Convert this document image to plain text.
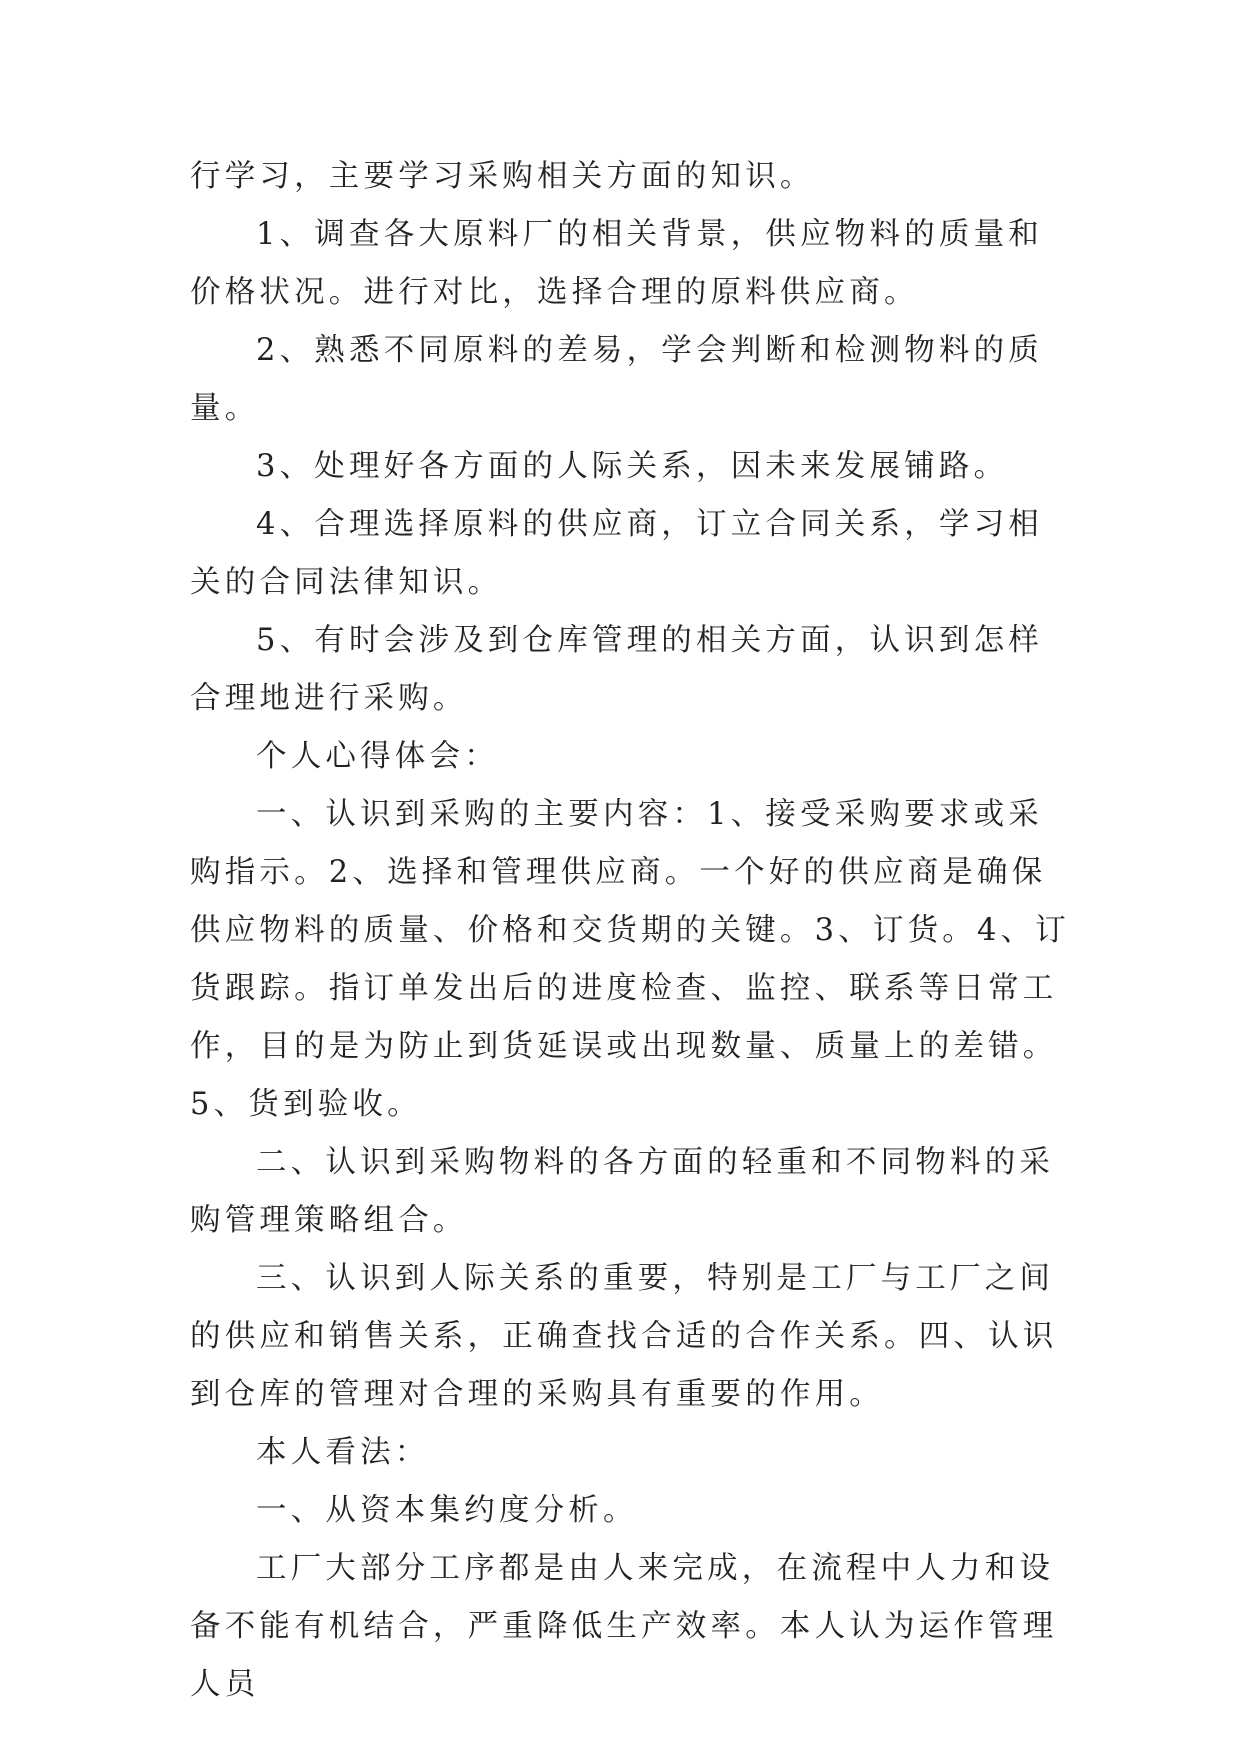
行学习，主要学习采购相关方面的知识。

1、调查各大原料厂的相关背景，供应物料的质量和价格状况。进行对比，选择合理的原料供应商。

2、熟悉不同原料的差易，学会判断和检测物料的质量。

3、处理好各方面的人际关系，因未来发展铺路。

4、合理选择原料的供应商，订立合同关系，学习相关的合同法律知识。

5、有时会涉及到仓库管理的相关方面，认识到怎样合理地进行采购。

个人心得体会：

一、认识到采购的主要内容：1、接受采购要求或采购指示。2、选择和管理供应商。一个好的供应商是确保供应物料的质量、价格和交货期的关键。3、订货。4、订货跟踪。指订单发出后的进度检查、监控、联系等日常工作，目的是为防止到货延误或出现数量、质量上的差错。5、货到验收。

二、认识到采购物料的各方面的轻重和不同物料的采购管理策略组合。

三、认识到人际关系的重要，特别是工厂与工厂之间的供应和销售关系，正确查找合适的合作关系。四、认识到仓库的管理对合理的采购具有重要的作用。

本人看法：

一、从资本集约度分析。

工厂大部分工序都是由人来完成，在流程中人力和设备不能有机结合，严重降低生产效率。本人认为运作管理人员
